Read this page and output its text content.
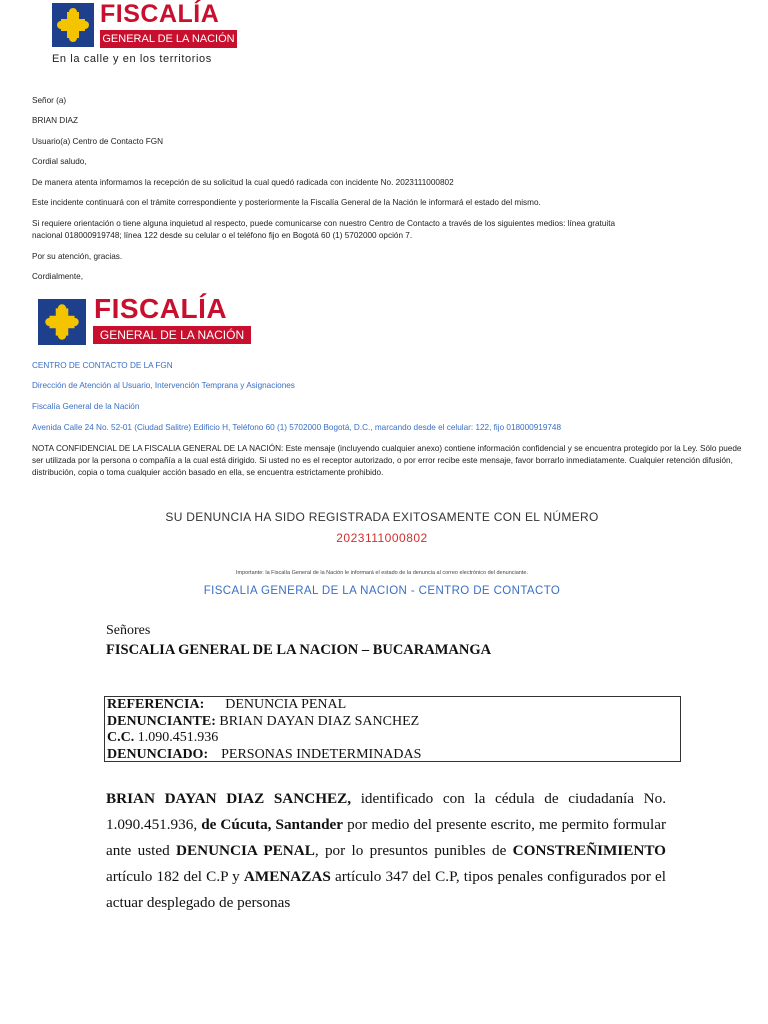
FISCALÍA
GENERAL DE LA NACIÓN
En la calle y en los territorios
Señor (a)
BRIAN DIAZ
Usuario(a) Centro de Contacto FGN
Cordial saludo,
De manera atenta informamos la recepción de su solicitud la cual quedó radicada con incidente No. 2023111000802
Este incidente continuará con el trámite correspondiente y posteriormente la Fiscalía General de la Nación le informará el estado del mismo.
Si requiere orientación o tiene alguna inquietud al respecto, puede comunicarse con nuestro Centro de Contacto a través de los siguientes medios: línea gratuita
nacional 018000919748; línea 122 desde su celular o el teléfono fijo en Bogotá 60 (1) 5702000 opción 7.
Por su atención, gracias.
Cordialmente,
FISCALÍA
GENERAL DE LA NACIÓN
CENTRO DE CONTACTO DE LA FGN
Dirección de Atención al Usuario, Intervención Temprana y Asignaciones
Fiscalía General de la Nación
Avenida Calle 24 No. 52-01 (Ciudad Salitre) Edificio H, Teléfono 60 (1) 5702000 Bogotá, D.C., marcando desde el celular: 122, fijo 018000919748
NOTA CONFIDENCIAL DE LA FISCALIA GENERAL DE LA NACIÓN: Este mensaje (incluyendo cualquier anexo) contiene información confidencial y se encuentra protegido por la Ley. Sólo puede ser utilizada por la persona o compañía a la cual está dirigido. Si usted no es el receptor autorizado, o por error recibe este mensaje, favor borrarlo inmediatamente. Cualquier retención difusión, distribución, copia o toma cualquier acción basado en ella, se encuentra estrictamente prohibido.
SU DENUNCIA HA SIDO REGISTRADA EXITOSAMENTE CON EL NÚMERO
2023111000802
Importante: la Fiscalía General de la Nación le informará el estado de la denuncia al correo electrónico del denunciante.
FISCALIA GENERAL DE LA NACION - CENTRO DE CONTACTO
Señores
FISCALIA GENERAL DE LA NACION – BUCARAMANGA
REFERENCIA: DENUNCIA PENAL
DENUNCIANTE: BRIAN DAYAN DIAZ SANCHEZ
C.C. 1.090.451.936
DENUNCIADO: PERSONAS INDETERMINADAS
BRIAN DAYAN DIAZ SANCHEZ, identificado con la cédula de ciudadanía No. 1.090.451.936, de Cúcuta, Santander por medio del presente escrito, me permito formular ante usted DENUNCIA PENAL, por lo presuntos punibles de CONSTREÑIMIENTO artículo 182 del C.P y AMENAZAS artículo 347 del C.P, tipos penales configurados por el actuar desplegado de personas
